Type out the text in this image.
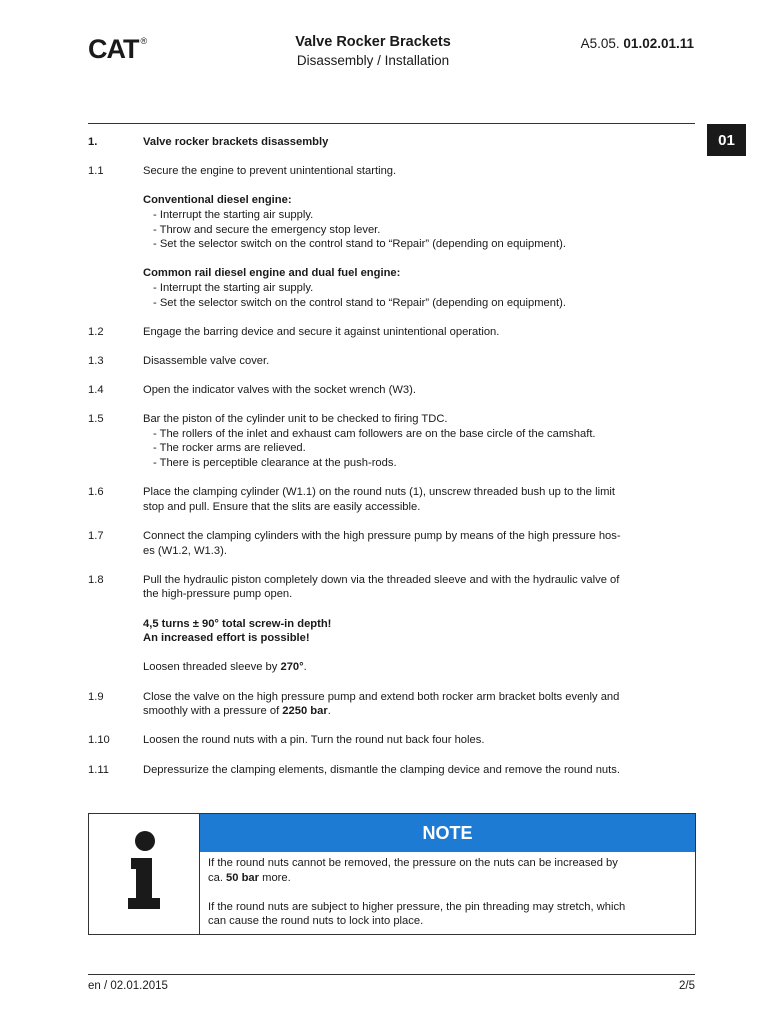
CAT ®	Valve Rocker Brackets
Disassembly / Installation
A5.05. 01.02.01.11
01
1.	Valve rocker brackets disassembly
1.1	Secure the engine to prevent unintentional starting.

Conventional diesel engine:

- Interrupt the starting air supply.

- Throw and secure the emergency stop lever.

- Set the selector switch on the control stand to “Repair” (depending on equipment).

Common rail diesel engine and dual fuel engine:

- Interrupt the starting air supply.

- Set the selector switch on the control stand to “Repair” (depending on equipment).

1.2	Engage the barring device and secure it against unintentional operation.
1.3	Disassemble valve cover.
1.4	Open the indicator valves with the socket wrench (W3).
1.5	Bar the piston of the cylinder unit to be checked to firing TDC.

- The rollers of the inlet and exhaust cam followers are on the base circle of the camshaft.

- The rocker arms are relieved.

- There is perceptible clearance at the push-rods.

1.6	Place the clamping cylinder (W1.1) on the round nuts (1), unscrew threaded bush up to the limit

stop and pull. Ensure that the slits are easily accessible.

1.7	Connect the clamping cylinders with the high pressure pump by means of the high pressure hos-

es (W1.2, W1.3).

1.8	Pull the hydraulic piston completely down via the threaded sleeve and with the hydraulic valve of

the high-pressure pump open.

4,5 turns ± 90° total screw-in depth!

An increased effort is possible!

Loosen threaded sleeve by 270°.

1.9	Close the valve on the high pressure pump and extend both rocker arm bracket bolts evenly and

smoothly with a pressure of 2250 bar.

1.10	Loosen the round nuts with a pin. Turn the round nut back four holes.
1.11	Depressurize the clamping elements, dismantle the clamping device and remove the round nuts.
NOTE

If the round nuts cannot be removed, the pressure on the nuts can be increased by

ca. 50 bar more.

If the round nuts are subject to higher pressure, the pin threading may stretch, which

can cause the round nuts to lock into place.

en / 02.01.2015	2/5
